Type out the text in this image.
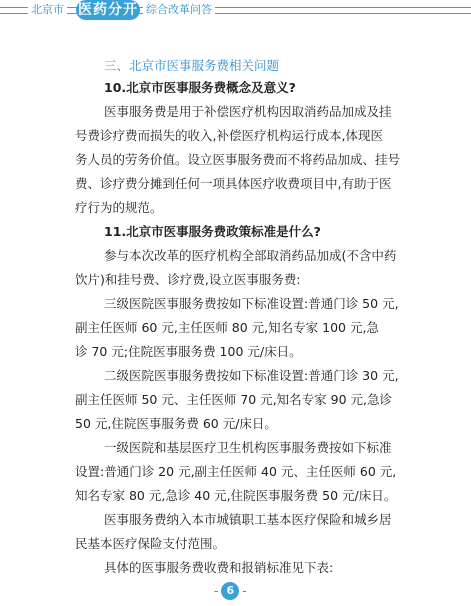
北京市 医药分开 综合改革问答
三、北京市医事服务费相关问题
10.北京市医事服务费概念及意义?
医事服务费是用于补偿医疗机构因取消药品加成及挂
号费诊疗费而损失的收入,补偿医疗机构运行成本,体现医
务人员的劳务价值。设立医事服务费而不将药品加成、挂号
费、诊疗费分摊到任何一项具体医疗收费项目中,有助于医
疗行为的规范。
11.北京市医事服务费政策标准是什么?
参与本次改革的医疗机构全部取消药品加成(不含中药
饮片)和挂号费、诊疗费,设立医事服务费:
三级医院医事服务费按如下标准设置:普通门诊 50 元,
副主任医师 60 元,主任医师 80 元,知名专家 100 元,急
诊 70 元;住院医事服务费 100 元/床日。
二级医院医事服务费按如下标准设置:普通门诊 30 元,
副主任医师 50 元、主任医师 70 元,知名专家 90 元,急诊
50 元,住院医事服务费 60 元/床日。
一级医院和基层医疗卫生机构医事服务费按如下标准
设置:普通门诊 20 元,副主任医师 40 元、主任医师 60 元,
知名专家 80 元,急诊 40 元,住院医事服务费 50 元/床日。
医事服务费纳入本市城镇职工基本医疗保险和城乡居
民基本医疗保险支付范围。
具体的医事服务费收费和报销标准见下表:
- 6 -
